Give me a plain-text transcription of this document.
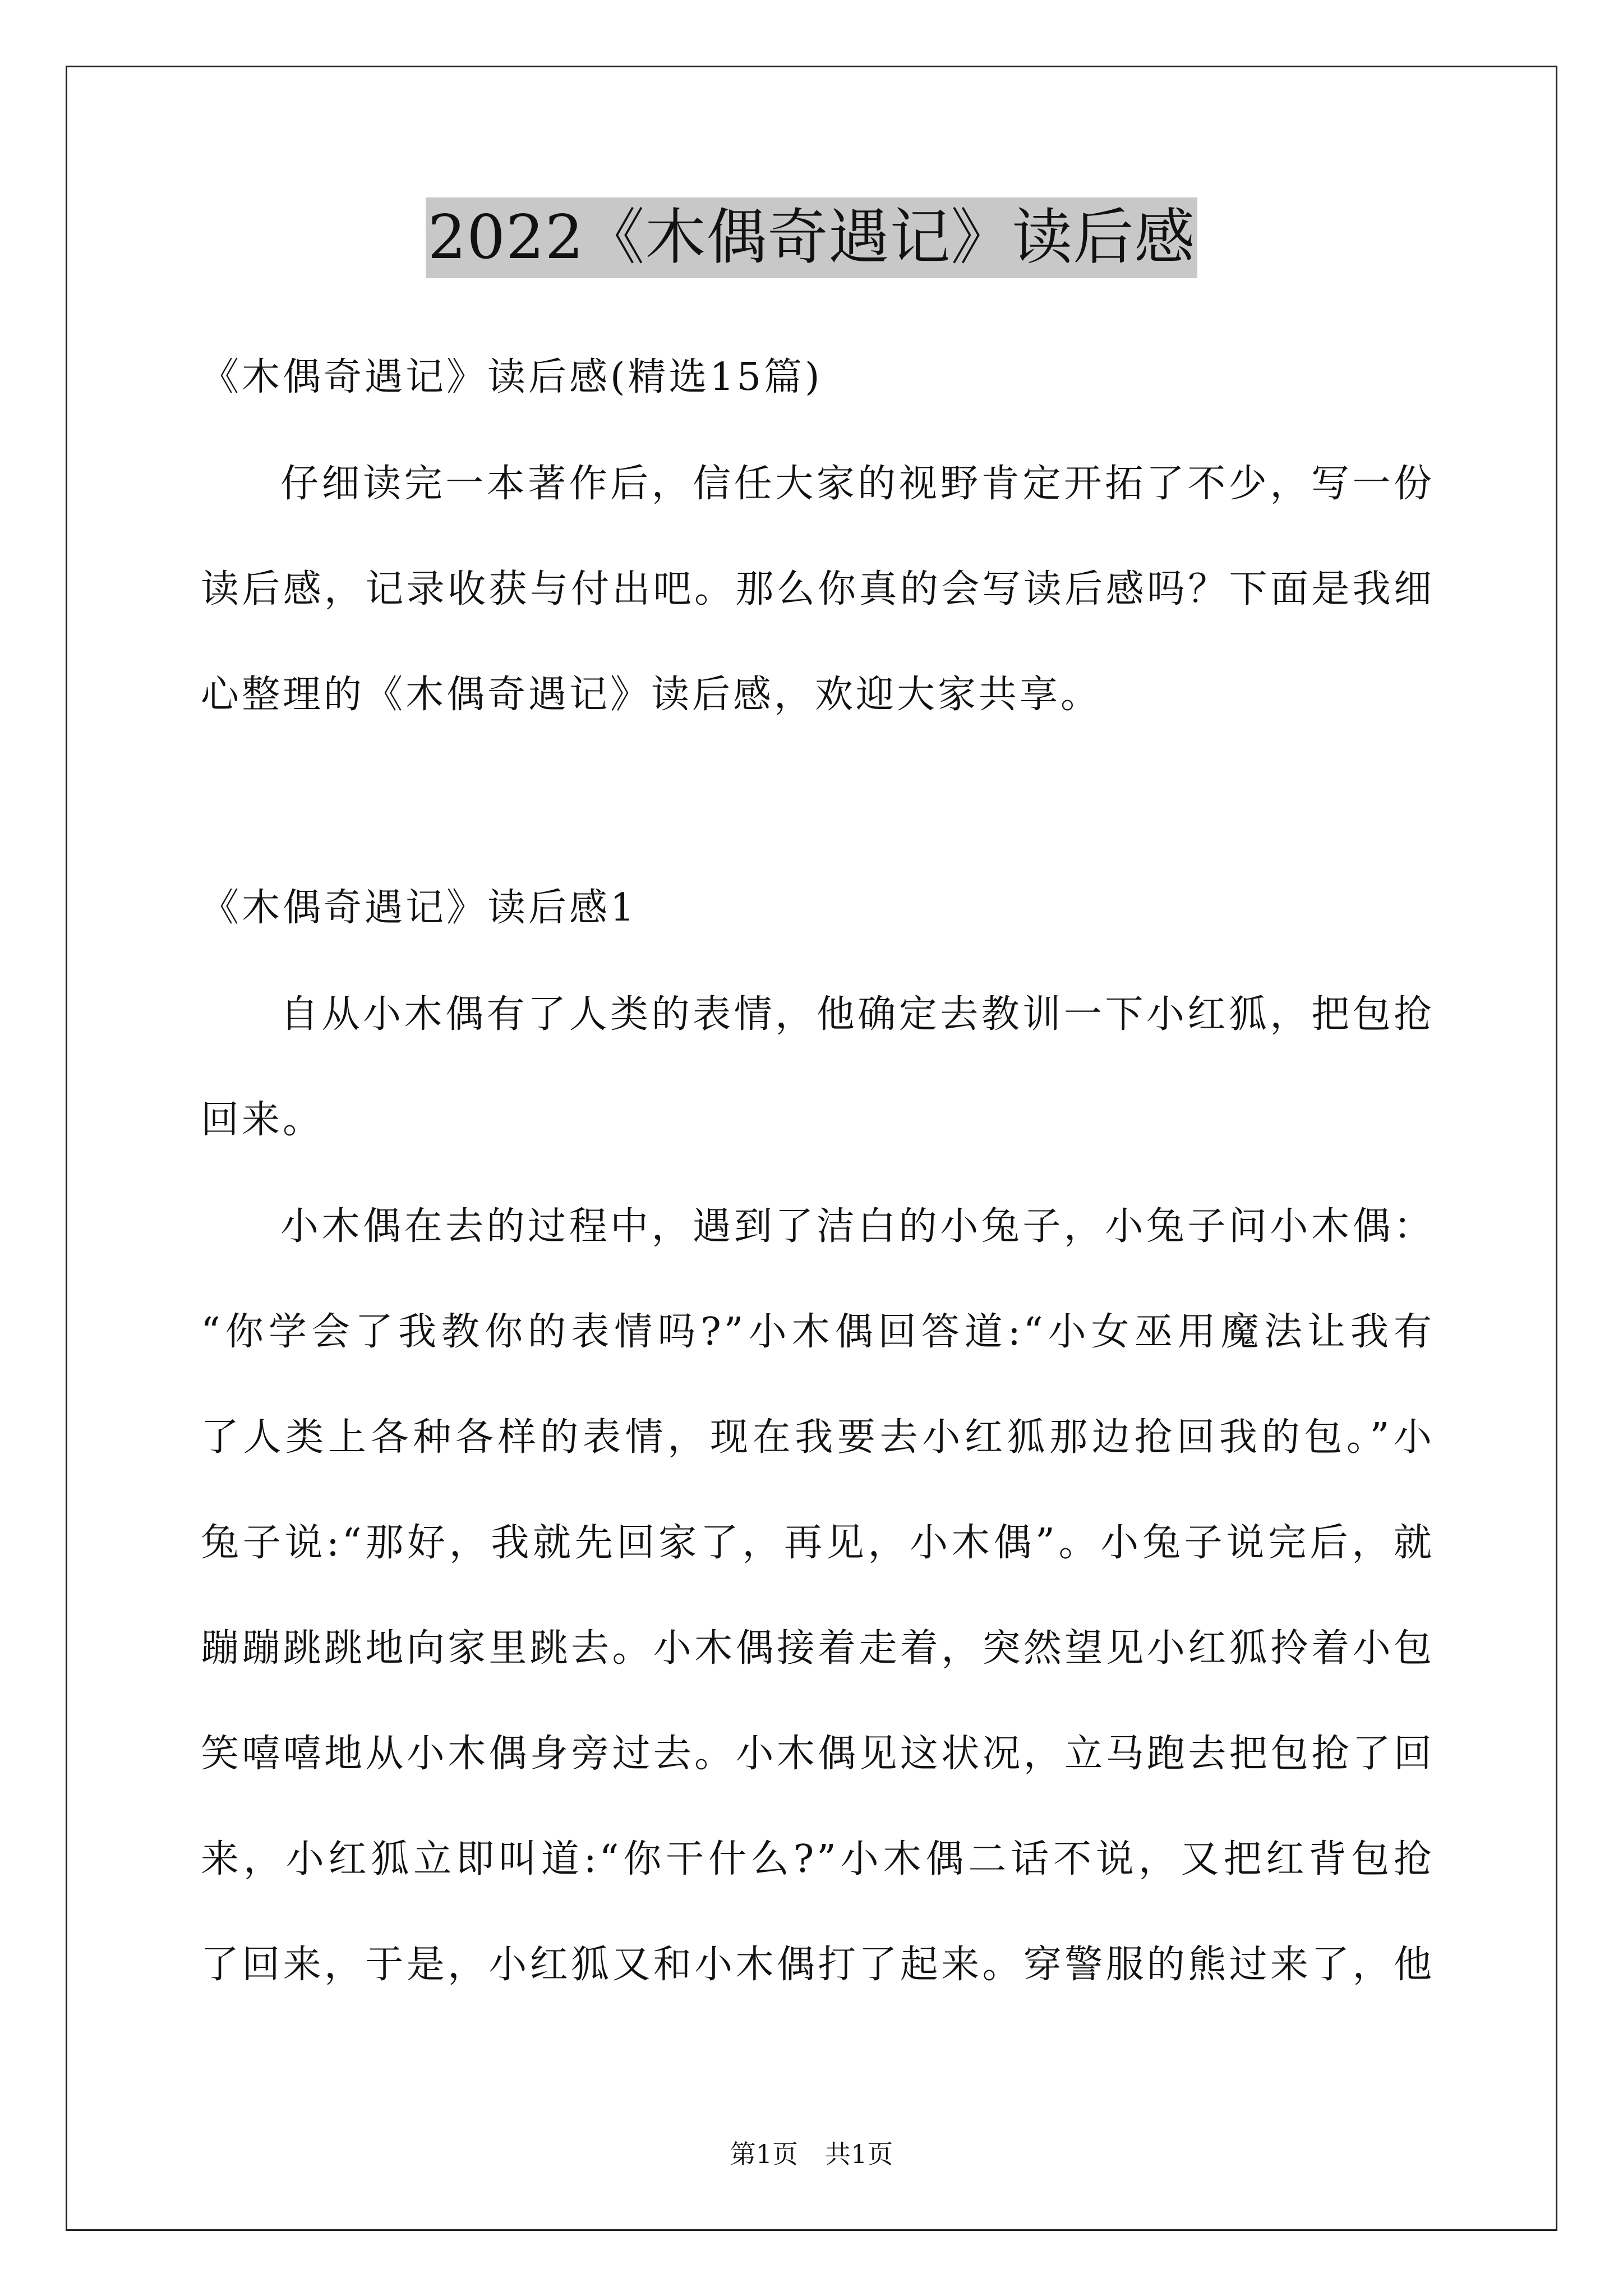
2022《木偶奇遇记》读后感
《木偶奇遇记》读后感(精选15篇)
仔细读完一本著作后，信任大家的视野肯定开拓了不少，写一份
读后感，记录收获与付出吧。那么你真的会写读后感吗？下面是我细
心整理的《木偶奇遇记》读后感，欢迎大家共享。
《木偶奇遇记》读后感1
自从小木偶有了人类的表情，他确定去教训一下小红狐，把包抢
回来。
小木偶在去的过程中，遇到了洁白的小兔子，小兔子问小木偶：
“你学会了我教你的表情吗?”小木偶回答道:“小女巫用魔法让我有
了人类上各种各样的表情，现在我要去小红狐那边抢回我的包。”小
兔子说:“那好，我就先回家了，再见，小木偶”。小兔子说完后，就
蹦蹦跳跳地向家里跳去。小木偶接着走着，突然望见小红狐拎着小包
笑嘻嘻地从小木偶身旁过去。小木偶见这状况，立马跑去把包抢了回
来，小红狐立即叫道:“你干什么?”小木偶二话不说，又把红背包抢
了回来，于是，小红狐又和小木偶打了起来。穿警服的熊过来了，他
第1页 共1页
